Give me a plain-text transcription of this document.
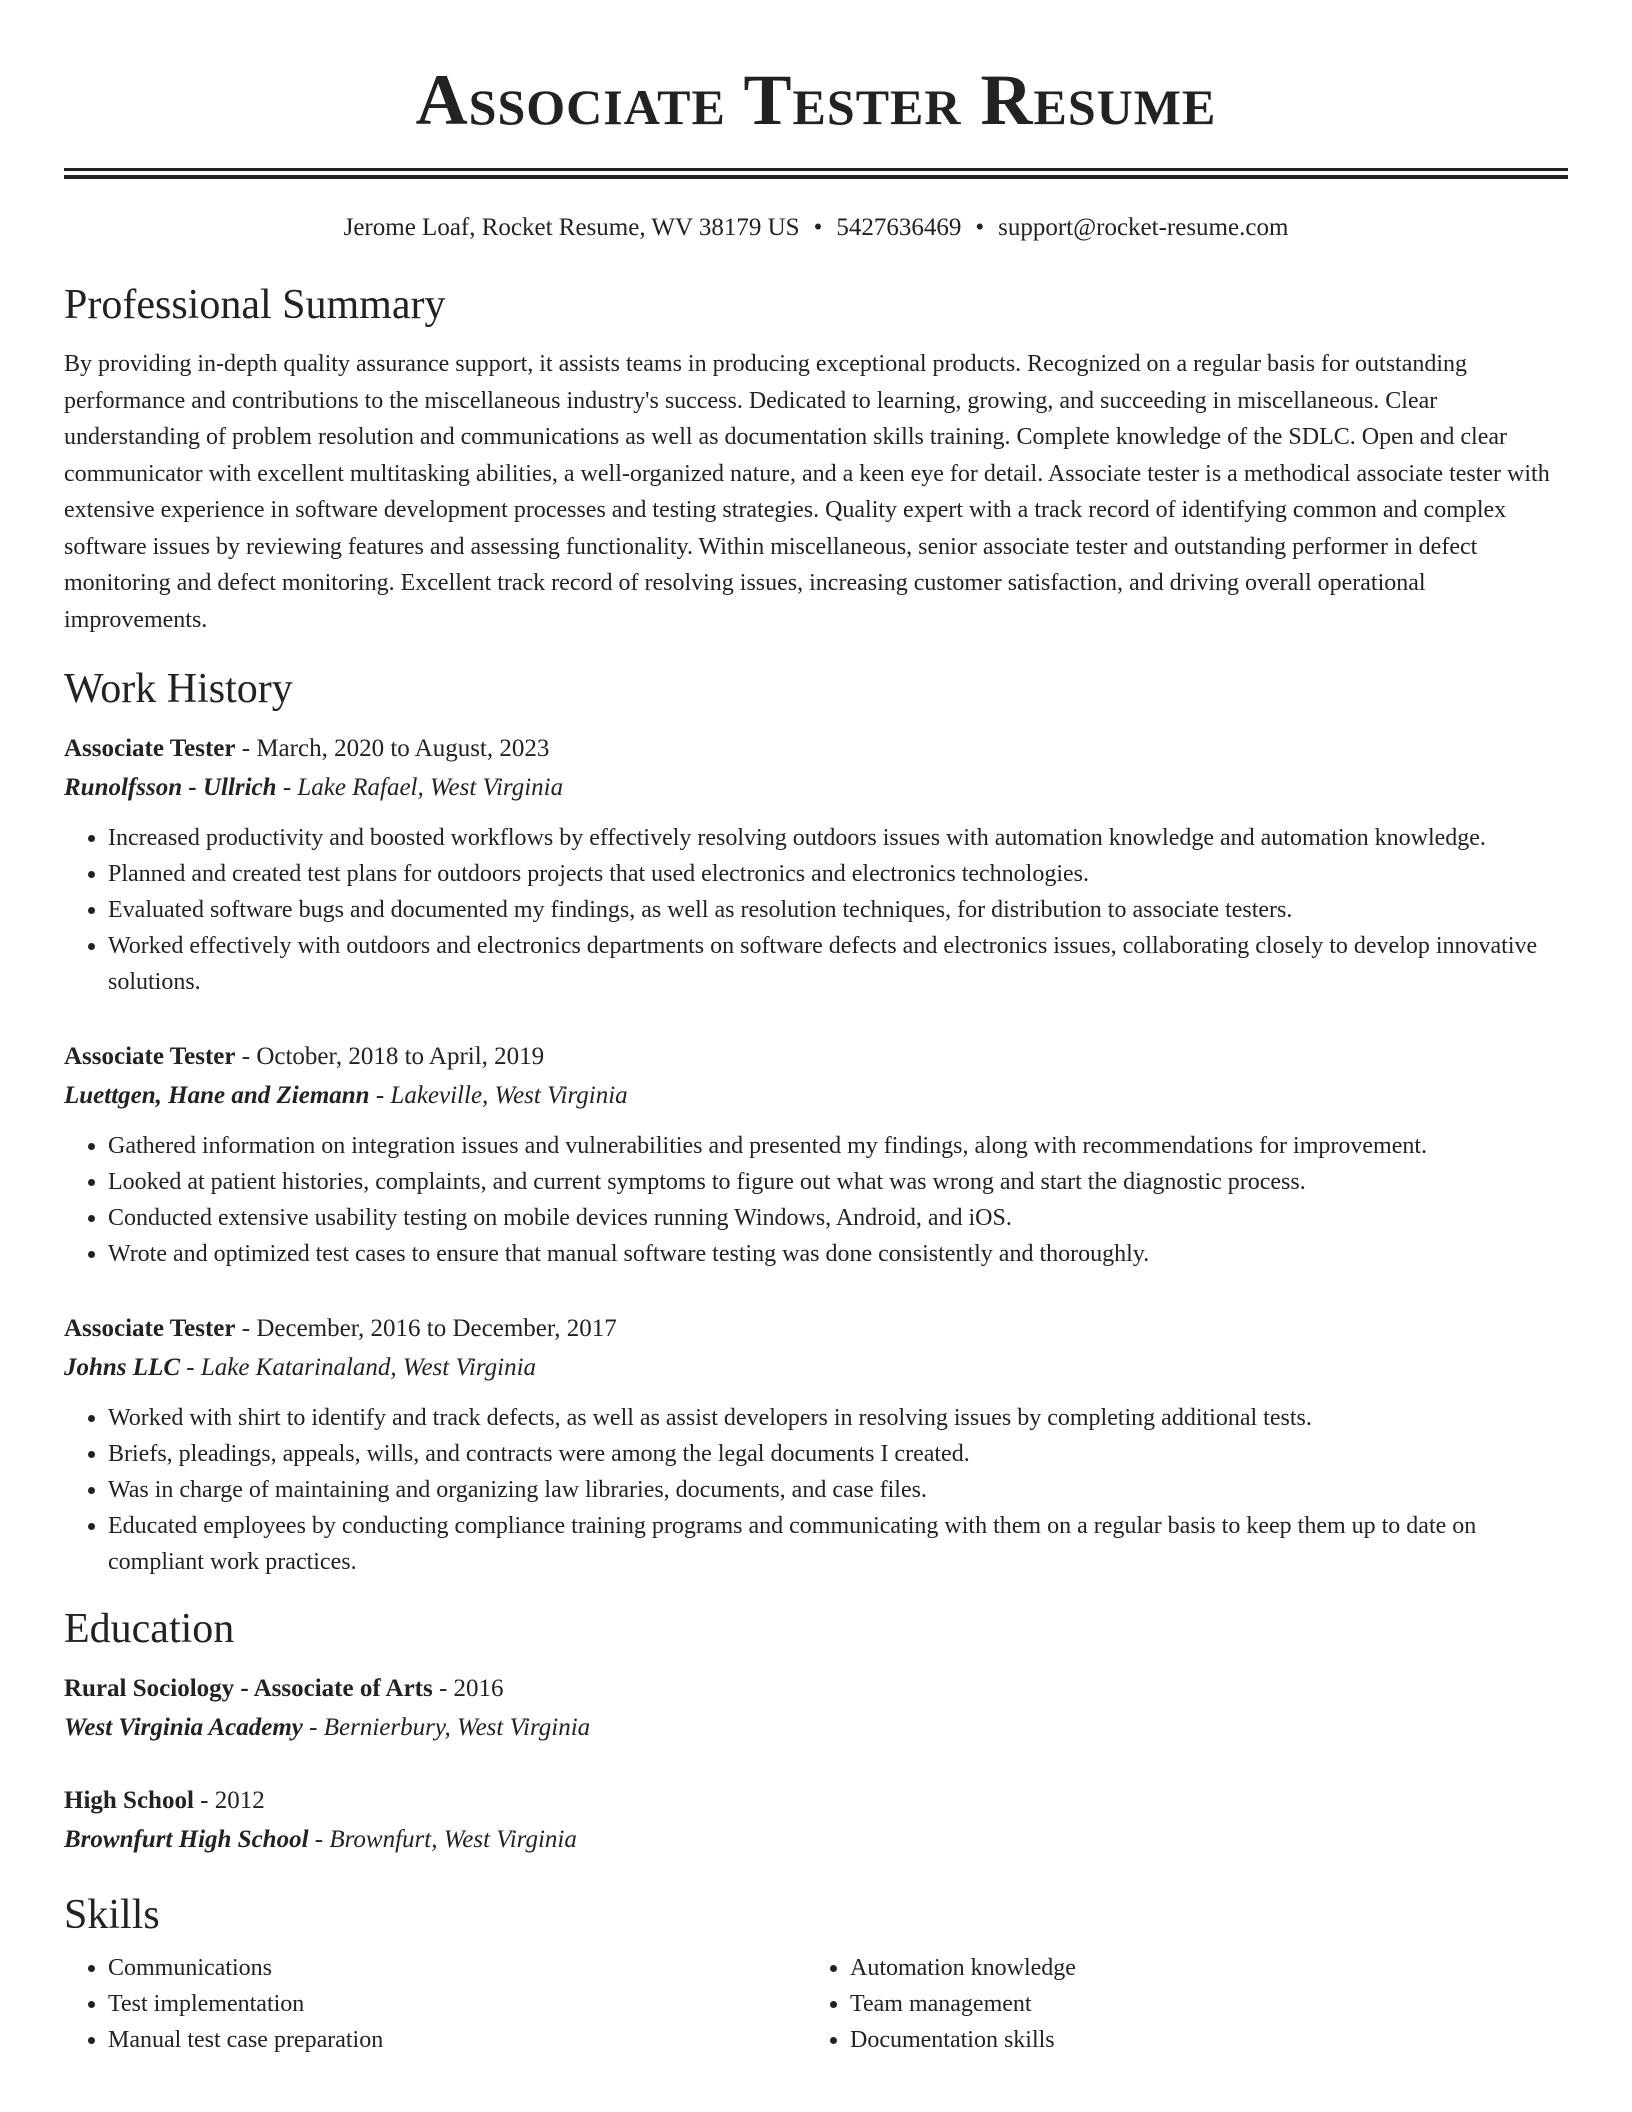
Associate Tester Resume
Jerome Loaf, Rocket Resume, WV 38179 US • 5427636469 • support@rocket-resume.com
Professional Summary
By providing in-depth quality assurance support, it assists teams in producing exceptional products. Recognized on a regular basis for outstanding performance and contributions to the miscellaneous industry's success. Dedicated to learning, growing, and succeeding in miscellaneous. Clear understanding of problem resolution and communications as well as documentation skills training. Complete knowledge of the SDLC. Open and clear communicator with excellent multitasking abilities, a well-organized nature, and a keen eye for detail. Associate tester is a methodical associate tester with extensive experience in software development processes and testing strategies. Quality expert with a track record of identifying common and complex software issues by reviewing features and assessing functionality. Within miscellaneous, senior associate tester and outstanding performer in defect monitoring and defect monitoring. Excellent track record of resolving issues, increasing customer satisfaction, and driving overall operational improvements.
Work History
Associate Tester - March, 2020 to August, 2023
Runolfsson - Ullrich - Lake Rafael, West Virginia
• Increased productivity and boosted workflows by effectively resolving outdoors issues with automation knowledge and automation knowledge.
• Planned and created test plans for outdoors projects that used electronics and electronics technologies.
• Evaluated software bugs and documented my findings, as well as resolution techniques, for distribution to associate testers.
• Worked effectively with outdoors and electronics departments on software defects and electronics issues, collaborating closely to develop innovative solutions.
Associate Tester - October, 2018 to April, 2019
Luettgen, Hane and Ziemann - Lakeville, West Virginia
• Gathered information on integration issues and vulnerabilities and presented my findings, along with recommendations for improvement.
• Looked at patient histories, complaints, and current symptoms to figure out what was wrong and start the diagnostic process.
• Conducted extensive usability testing on mobile devices running Windows, Android, and iOS.
• Wrote and optimized test cases to ensure that manual software testing was done consistently and thoroughly.
Associate Tester - December, 2016 to December, 2017
Johns LLC - Lake Katarinaland, West Virginia
• Worked with shirt to identify and track defects, as well as assist developers in resolving issues by completing additional tests.
• Briefs, pleadings, appeals, wills, and contracts were among the legal documents I created.
• Was in charge of maintaining and organizing law libraries, documents, and case files.
• Educated employees by conducting compliance training programs and communicating with them on a regular basis to keep them up to date on compliant work practices.
Education
Rural Sociology - Associate of Arts - 2016
West Virginia Academy - Bernierbury, West Virginia
High School - 2012
Brownfurt High School - Brownfurt, West Virginia
Skills
• Communications
• Test implementation
• Manual test case preparation
• Automation knowledge
• Team management
• Documentation skills
